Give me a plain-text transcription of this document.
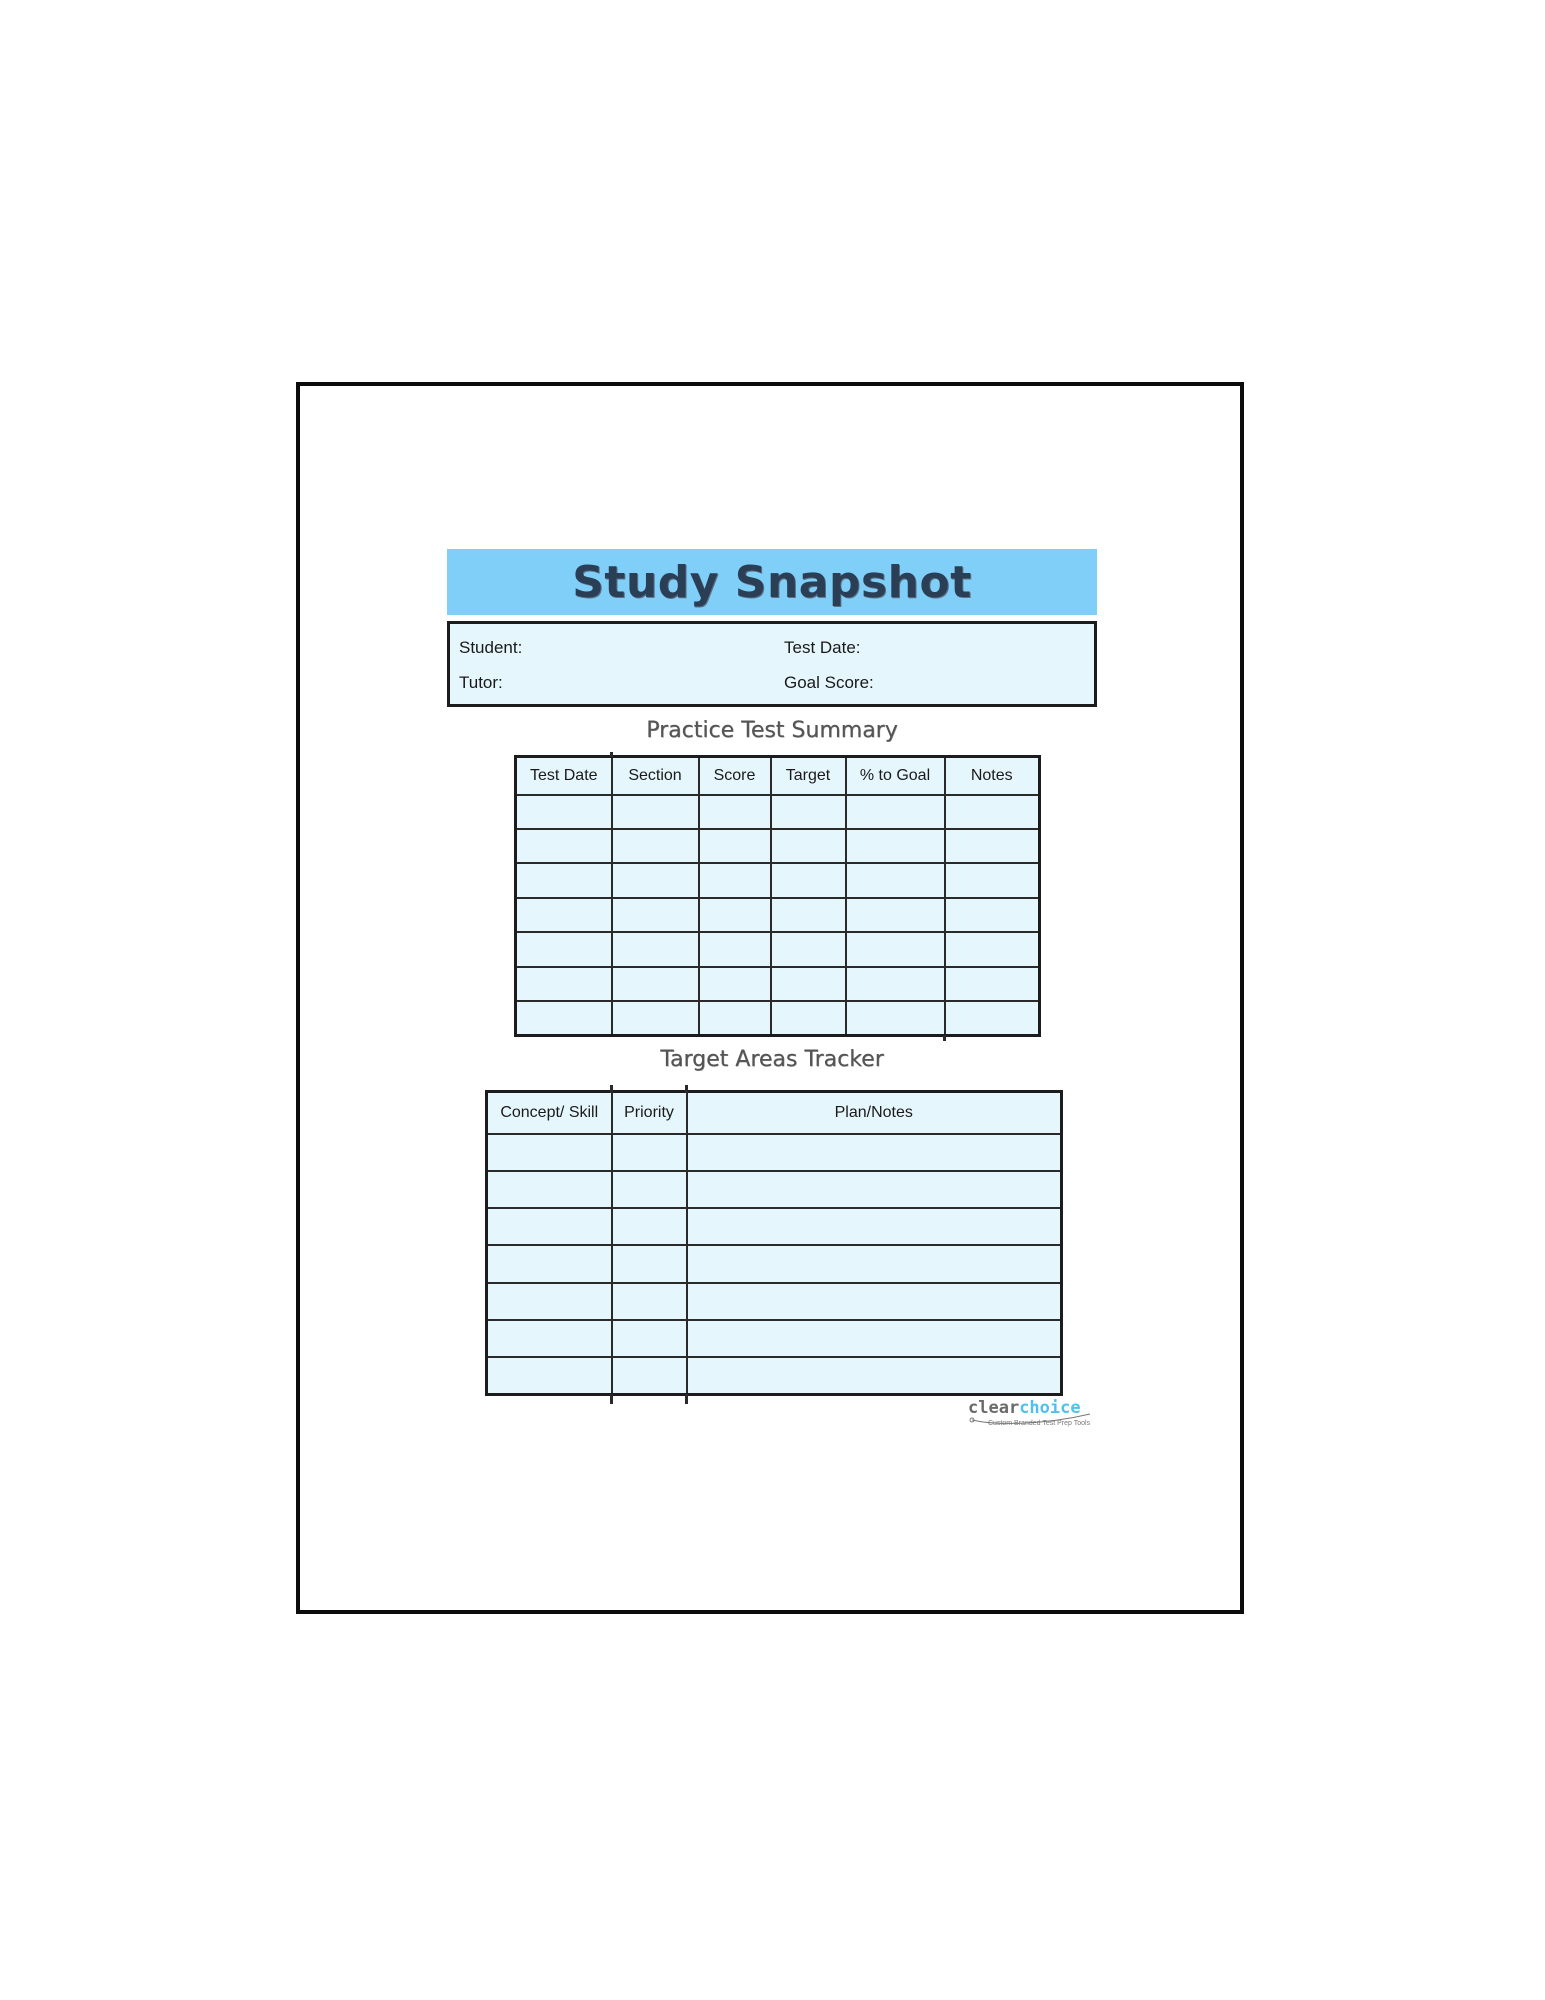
Study Snapshot
Student:	Test Date:
Tutor:	Goal Score:
Practice Test Summary
Test Date	Section	Score	Target	% to Goal	Notes

Target Areas Tracker
Concept/ Skill	Priority	Plan/Notes

clearchoice
Custom Branded Test Prep Tools
